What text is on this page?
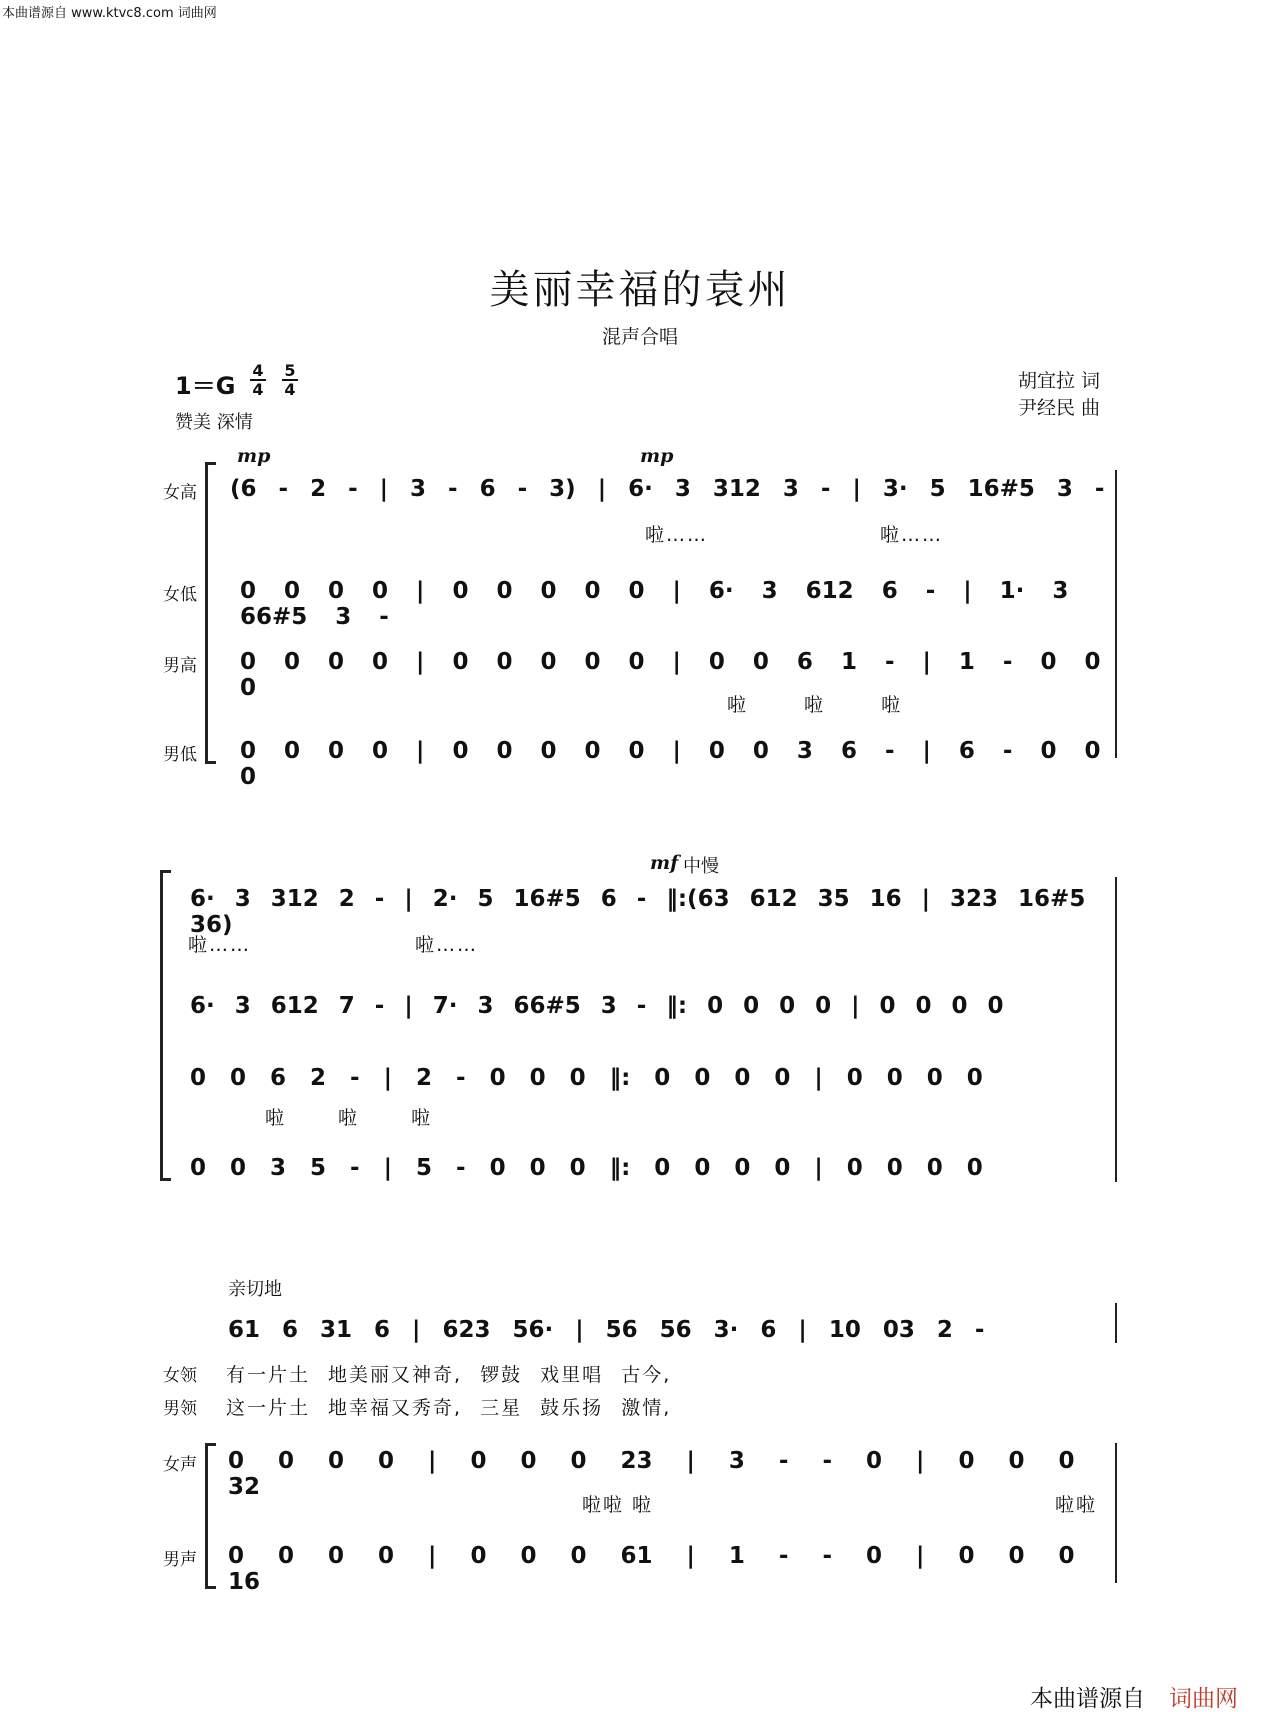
本曲谱源自 www.ktvc8.com 词曲网
美丽幸福的袁州
混声合唱
$1=G \frac{4}{4} \frac{5}{4}$
赞美 深情
胡宜拉 词
尹经民 曲
mp	mp
女高
女低
男高
男低
(6 - 2 - | 3 - 6 - 3) | 6· 3 312 3 - | 3· 5 16#5 3 -
0 0 0 0 | 0 0 0 0 0 | 6· 3 612 6 - | 1· 3 66#5 3 -
0 0 0 0 | 0 0 0 0 0 | 0 0 6 1 - | 1 - 0 0 0
0 0 0 0 | 0 0 0 0 0 | 0 0 3 6 - | 6 - 0 0 0
啦……	啦……
啦 啦 啦
mf 中慢
6· 3 312 2 - | 2· 5 16#5 6 - ‖:(63 612 35 16 | 323 16#5 36)
6· 3 612 7 - | 7· 3 66#5 3 - ‖: 0 0 0 0 | 0 0 0 0
0 0 6 2 - | 2 - 0 0 0 ‖: 0 0 0 0 | 0 0 0 0
0 0 3 5 - | 5 - 0 0 0 ‖: 0 0 0 0 | 0 0 0 0
啦……	啦……
啦 啦 啦
亲切地
61 6 31 6 | 623 56· | 56 56 3· 6 | 10 03 2 -
女领
男领
有一片土 地美丽又神奇, 锣鼓 戏里唱 古今,
这一片土 地幸福又秀奇, 三星 鼓乐扬 激情,
女声
男声
0 0 0 0 | 0 0 0 23 | 3 - - 0 | 0 0 0 32
0 0 0 0 | 0 0 0 61 | 1 - - 0 | 0 0 0 16
啦啦 啦	啦啦
本曲谱源自 词曲网
